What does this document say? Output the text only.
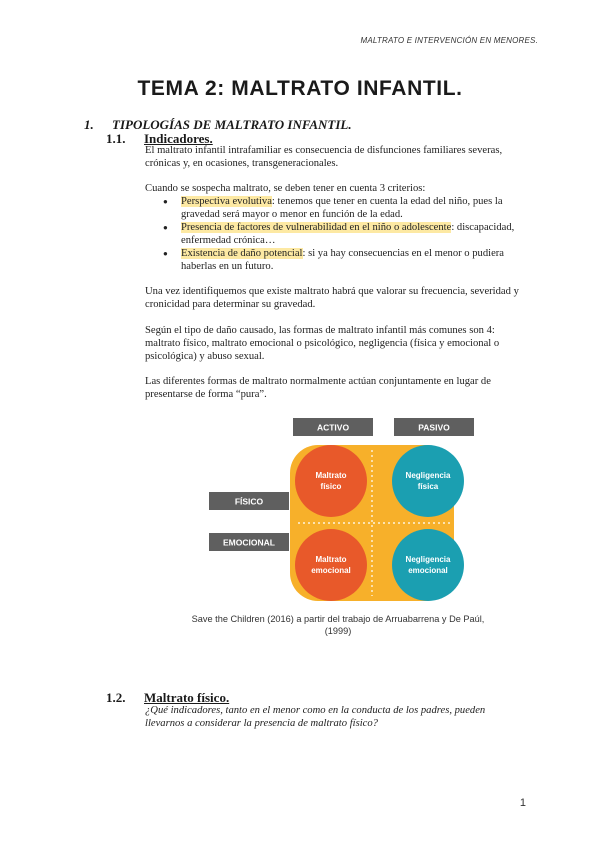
MALTRATO E INTERVENCIÓN EN MENORES.
TEMA 2: MALTRATO INFANTIL.
1. TIPOLOGÍAS DE MALTRATO INFANTIL.
1.1. Indicadores.

El maltrato infantil intrafamiliar es consecuencia de disfunciones familiares severas, crónicas y, en ocasiones, transgeneracionales.

Cuando se sospecha maltrato, se deben tener en cuenta 3 criterios:

● Perspectiva evolutiva: tenemos que tener en cuenta la edad del niño, pues la gravedad será mayor o menor en función de la edad.
● Presencia de factores de vulnerabilidad en el niño o adolescente: discapacidad, enfermedad crónica…
● Existencia de daño potencial: si ya hay consecuencias en el menor o pudiera haberlas en un futuro.

Una vez identifiquemos que existe maltrato habrá que valorar su frecuencia, severidad y cronicidad para determinar su gravedad.

Según el tipo de daño causado, las formas de maltrato infantil más comunes son 4: maltrato físico, maltrato emocional o psicológico, negligencia (física y emocional o psicológica) y abuso sexual.

Las diferentes formas de maltrato normalmente actúan conjuntamente en lugar de presentarse de forma “pura”.

ACTIVO	PASIVO
FÍSICO
EMOCIONAL
Maltrato
físico
Negligencia
física
Maltrato
emocional
Negligencia
emocional
Save the Children (2016) a partir del trabajo de Arruabarrena y De Paúl,
(1999)
1.2. Maltrato físico.

¿Qué indicadores, tanto en el menor como en la conducta de los padres, pueden llevarnos a considerar la presencia de maltrato físico?

1
